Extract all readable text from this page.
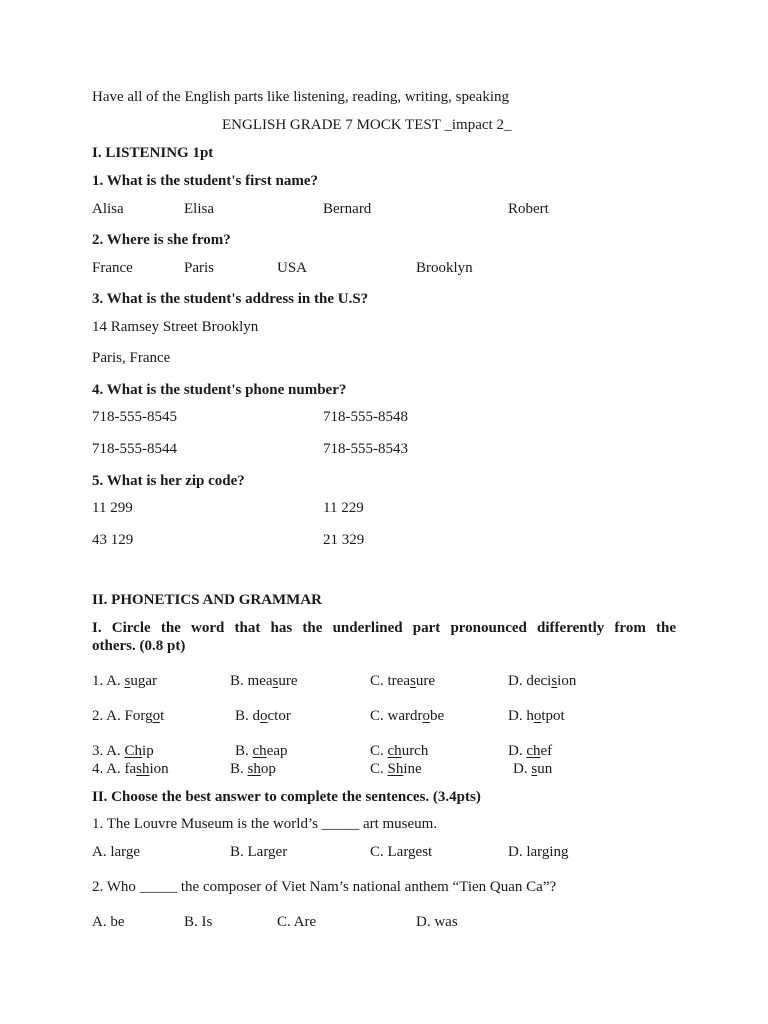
Have all of the English parts like listening, reading, writing, speaking
ENGLISH GRADE 7 MOCK TEST _impact 2_
I. LISTENING 1pt
1. What is the student's first name?
Alisa	Elisa	Bernard	Robert
2. Where is she from?
France	Paris	USA	Brooklyn
3. What is the student's address in the U.S?
14 Ramsey Street Brooklyn
Paris, France
4. What is the student's phone number?
718-555-8545	718-555-8548
718-555-8544	718-555-8543
5. What is her zip code?
11 299	11 229
43 129	21 329
II. PHONETICS AND GRAMMAR
I. Circle the word that has the underlined part pronounced differently from the
others. (0.8 pt)
1. A. sugar	B. measure	C. treasure	D. decision
2. A. Forgot	B. doctor	C. wardrobe	D. hotpot
3. A. Chip	B. cheap	C. church	D. chef
4. A. fashion	B. shop	C. Shine	D. sun
II. Choose the best answer to complete the sentences. (3.4pts)
1. The Louvre Museum is the world’s _____ art museum.
A. large	B. Larger	C. Largest	D. larging
2. Who _____ the composer of Viet Nam’s national anthem “Tien Quan Ca”?
A. be	B. Is	C. Are	D. was
